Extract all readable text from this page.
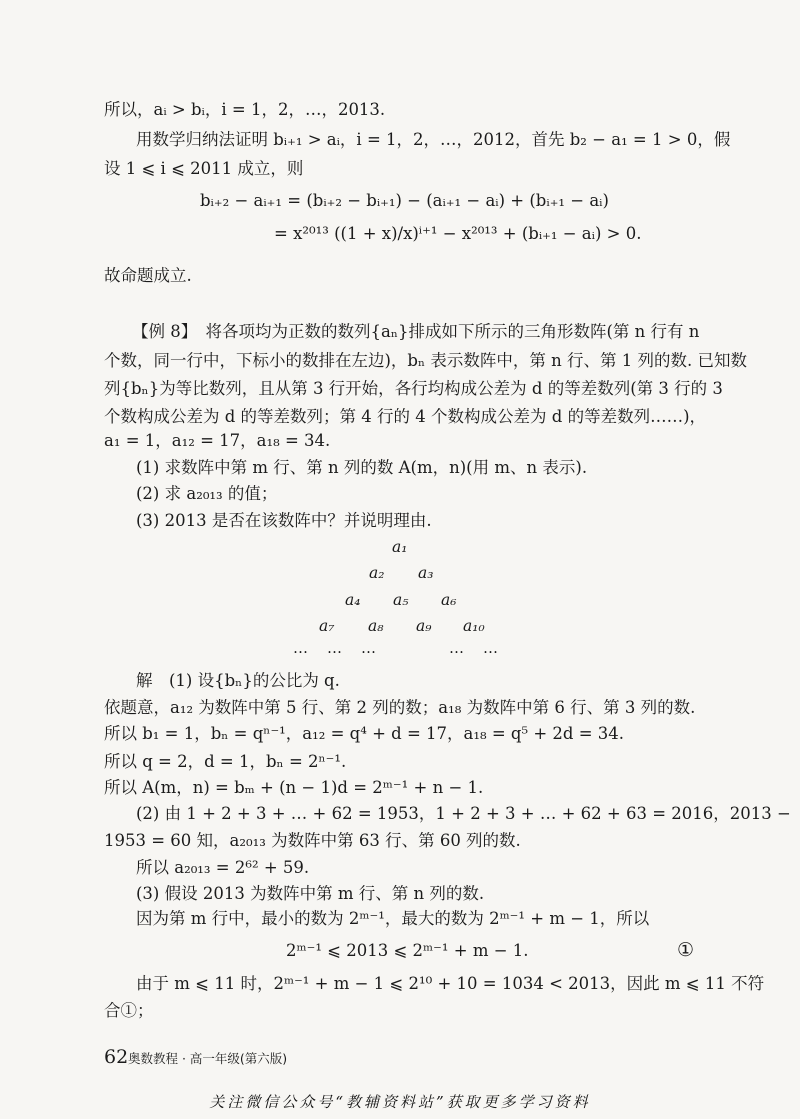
所以，aᵢ > bᵢ，i = 1，2，…，2013.
用数学归纳法证明 bᵢ₊₁ > aᵢ，i = 1，2，…，2012，首先 b₂ − a₁ = 1 > 0，假
设 1 ⩽ i ⩽ 2011 成立，则
bᵢ₊₂ − aᵢ₊₁ = (bᵢ₊₂ − bᵢ₊₁) − (aᵢ₊₁ − aᵢ) + (bᵢ₊₁ − aᵢ)
= x²⁰¹³ ((1 + x)/x)ⁱ⁺¹ − x²⁰¹³ + (bᵢ₊₁ − aᵢ) > 0.
故命题成立.
【例 8】　将各项均为正数的数列{aₙ}排成如下所示的三角形数阵(第 n 行有 n
个数，同一行中，下标小的数排在左边)，bₙ 表示数阵中，第 n 行、第 1 列的数. 已知数
列{bₙ}为等比数列，且从第 3 行开始，各行均构成公差为 d 的等差数列(第 3 行的 3
个数构成公差为 d 的等差数列；第 4 行的 4 个数构成公差为 d 的等差数列……)，
a₁ = 1，a₁₂ = 17，a₁₈ = 34.
(1) 求数阵中第 m 行、第 n 列的数 A(m，n)(用 m、n 表示).
(2) 求 a₂₀₁₃ 的值；
(3) 2013 是否在该数阵中？并说明理由.
a₁
a₂ a₃
a₄ a₅ a₆
a₇ a₈ a₉ a₁₀
…　…　…	…　…
解　(1) 设{bₙ}的公比为 q.
依题意，a₁₂ 为数阵中第 5 行、第 2 列的数；a₁₈ 为数阵中第 6 行、第 3 列的数.
所以 b₁ = 1，bₙ = qⁿ⁻¹，a₁₂ = q⁴ + d = 17，a₁₈ = q⁵ + 2d = 34.
所以 q = 2，d = 1，bₙ = 2ⁿ⁻¹.
所以 A(m，n) = bₘ + (n − 1)d = 2ᵐ⁻¹ + n − 1.
(2) 由 1 + 2 + 3 + … + 62 = 1953，1 + 2 + 3 + … + 62 + 63 = 2016，2013 −
1953 = 60 知，a₂₀₁₃ 为数阵中第 63 行、第 60 列的数.
所以 a₂₀₁₃ = 2⁶² + 59.
(3) 假设 2013 为数阵中第 m 行、第 n 列的数.
因为第 m 行中，最小的数为 2ᵐ⁻¹，最大的数为 2ᵐ⁻¹ + m − 1，所以
2ᵐ⁻¹ ⩽ 2013 ⩽ 2ᵐ⁻¹ + m − 1.	①
由于 m ⩽ 11 时，2ᵐ⁻¹ + m − 1 ⩽ 2¹⁰ + 10 = 1034 < 2013，因此 m ⩽ 11 不符
合①；
62 奥数教程 · 高一年级(第六版)
关注微信公众号“教辅资料站”获取更多学习资料
